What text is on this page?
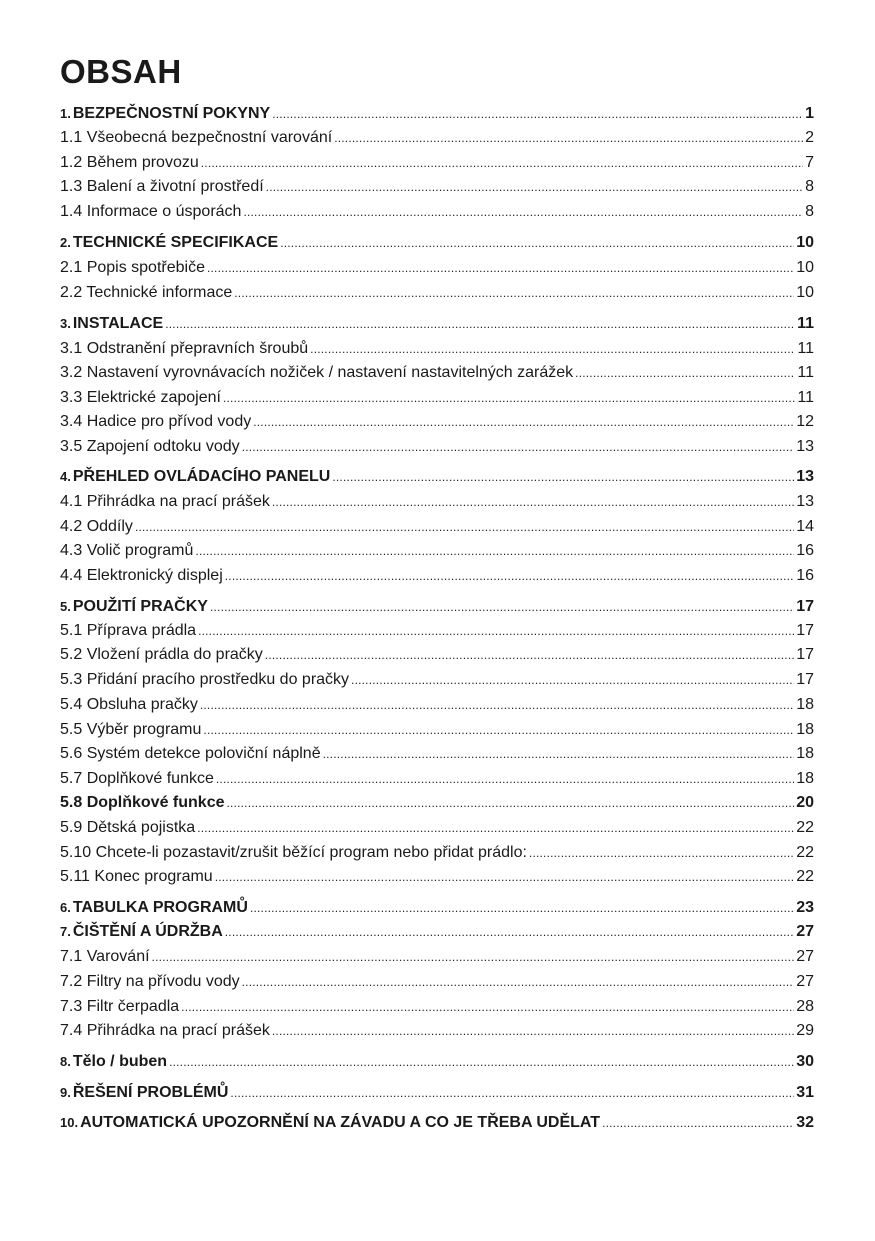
OBSAH
1. BEZPEČNOSTNÍ POKYNY .....	1
1.1 Všeobecná bezpečnostní varování .....	2
1.2 Během provozu .....	7
1.3 Balení a životní prostředí .....	8
1.4 Informace o úsporách .....	8
2. TECHNICKÉ SPECIFIKACE .....	10
2.1 Popis spotřebiče .....	10
2.2 Technické informace .....	10
3. INSTALACE .....	11
3.1 Odstranění přepravních šroubů .....	11
3.2 Nastavení vyrovnávacích nožiček / nastavení nastavitelných zarážek .....	11
3.3 Elektrické zapojení .....	11
3.4 Hadice pro přívod vody .....	12
3.5 Zapojení odtoku vody .....	13
4. PŘEHLED OVLÁDACÍHO PANELU .....	13
4.1 Přihrádka na prací prášek .....	13
4.2 Oddíly .....	14
4.3 Volič programů .....	16
4.4 Elektronický displej .....	16
5. POUŽITÍ PRAČKY .....	17
5.1 Příprava prádla .....	17
5.2 Vložení prádla do pračky .....	17
5.3 Přidání pracího prostředku do pračky .....	17
5.4 Obsluha pračky .....	18
5.5 Výběr programu .....	18
5.6 Systém detekce poloviční náplně .....	18
5.7 Doplňkové funkce .....	18
5.8 Doplňkové funkce .....	20
5.9 Dětská pojistka .....	22
5.10 Chcete-li pozastavit/zrušit běžící program nebo přidat prádlo: .....	22
5.11 Konec programu .....	22
6. TABULKA PROGRAMŮ .....	23
7. ČIŠTĚNÍ A ÚDRŽBA .....	27
7.1 Varování .....	27
7.2 Filtry na přívodu vody .....	27
7.3 Filtr čerpadla .....	28
7.4 Přihrádka na prací prášek .....	29
8. Tělo / buben .....	30
9. ŘEŠENÍ PROBLÉMŮ .....	31
10. AUTOMATICKÁ UPOZORNĚNÍ NA ZÁVADU A CO JE TŘEBA UDĚLAT .....	32
